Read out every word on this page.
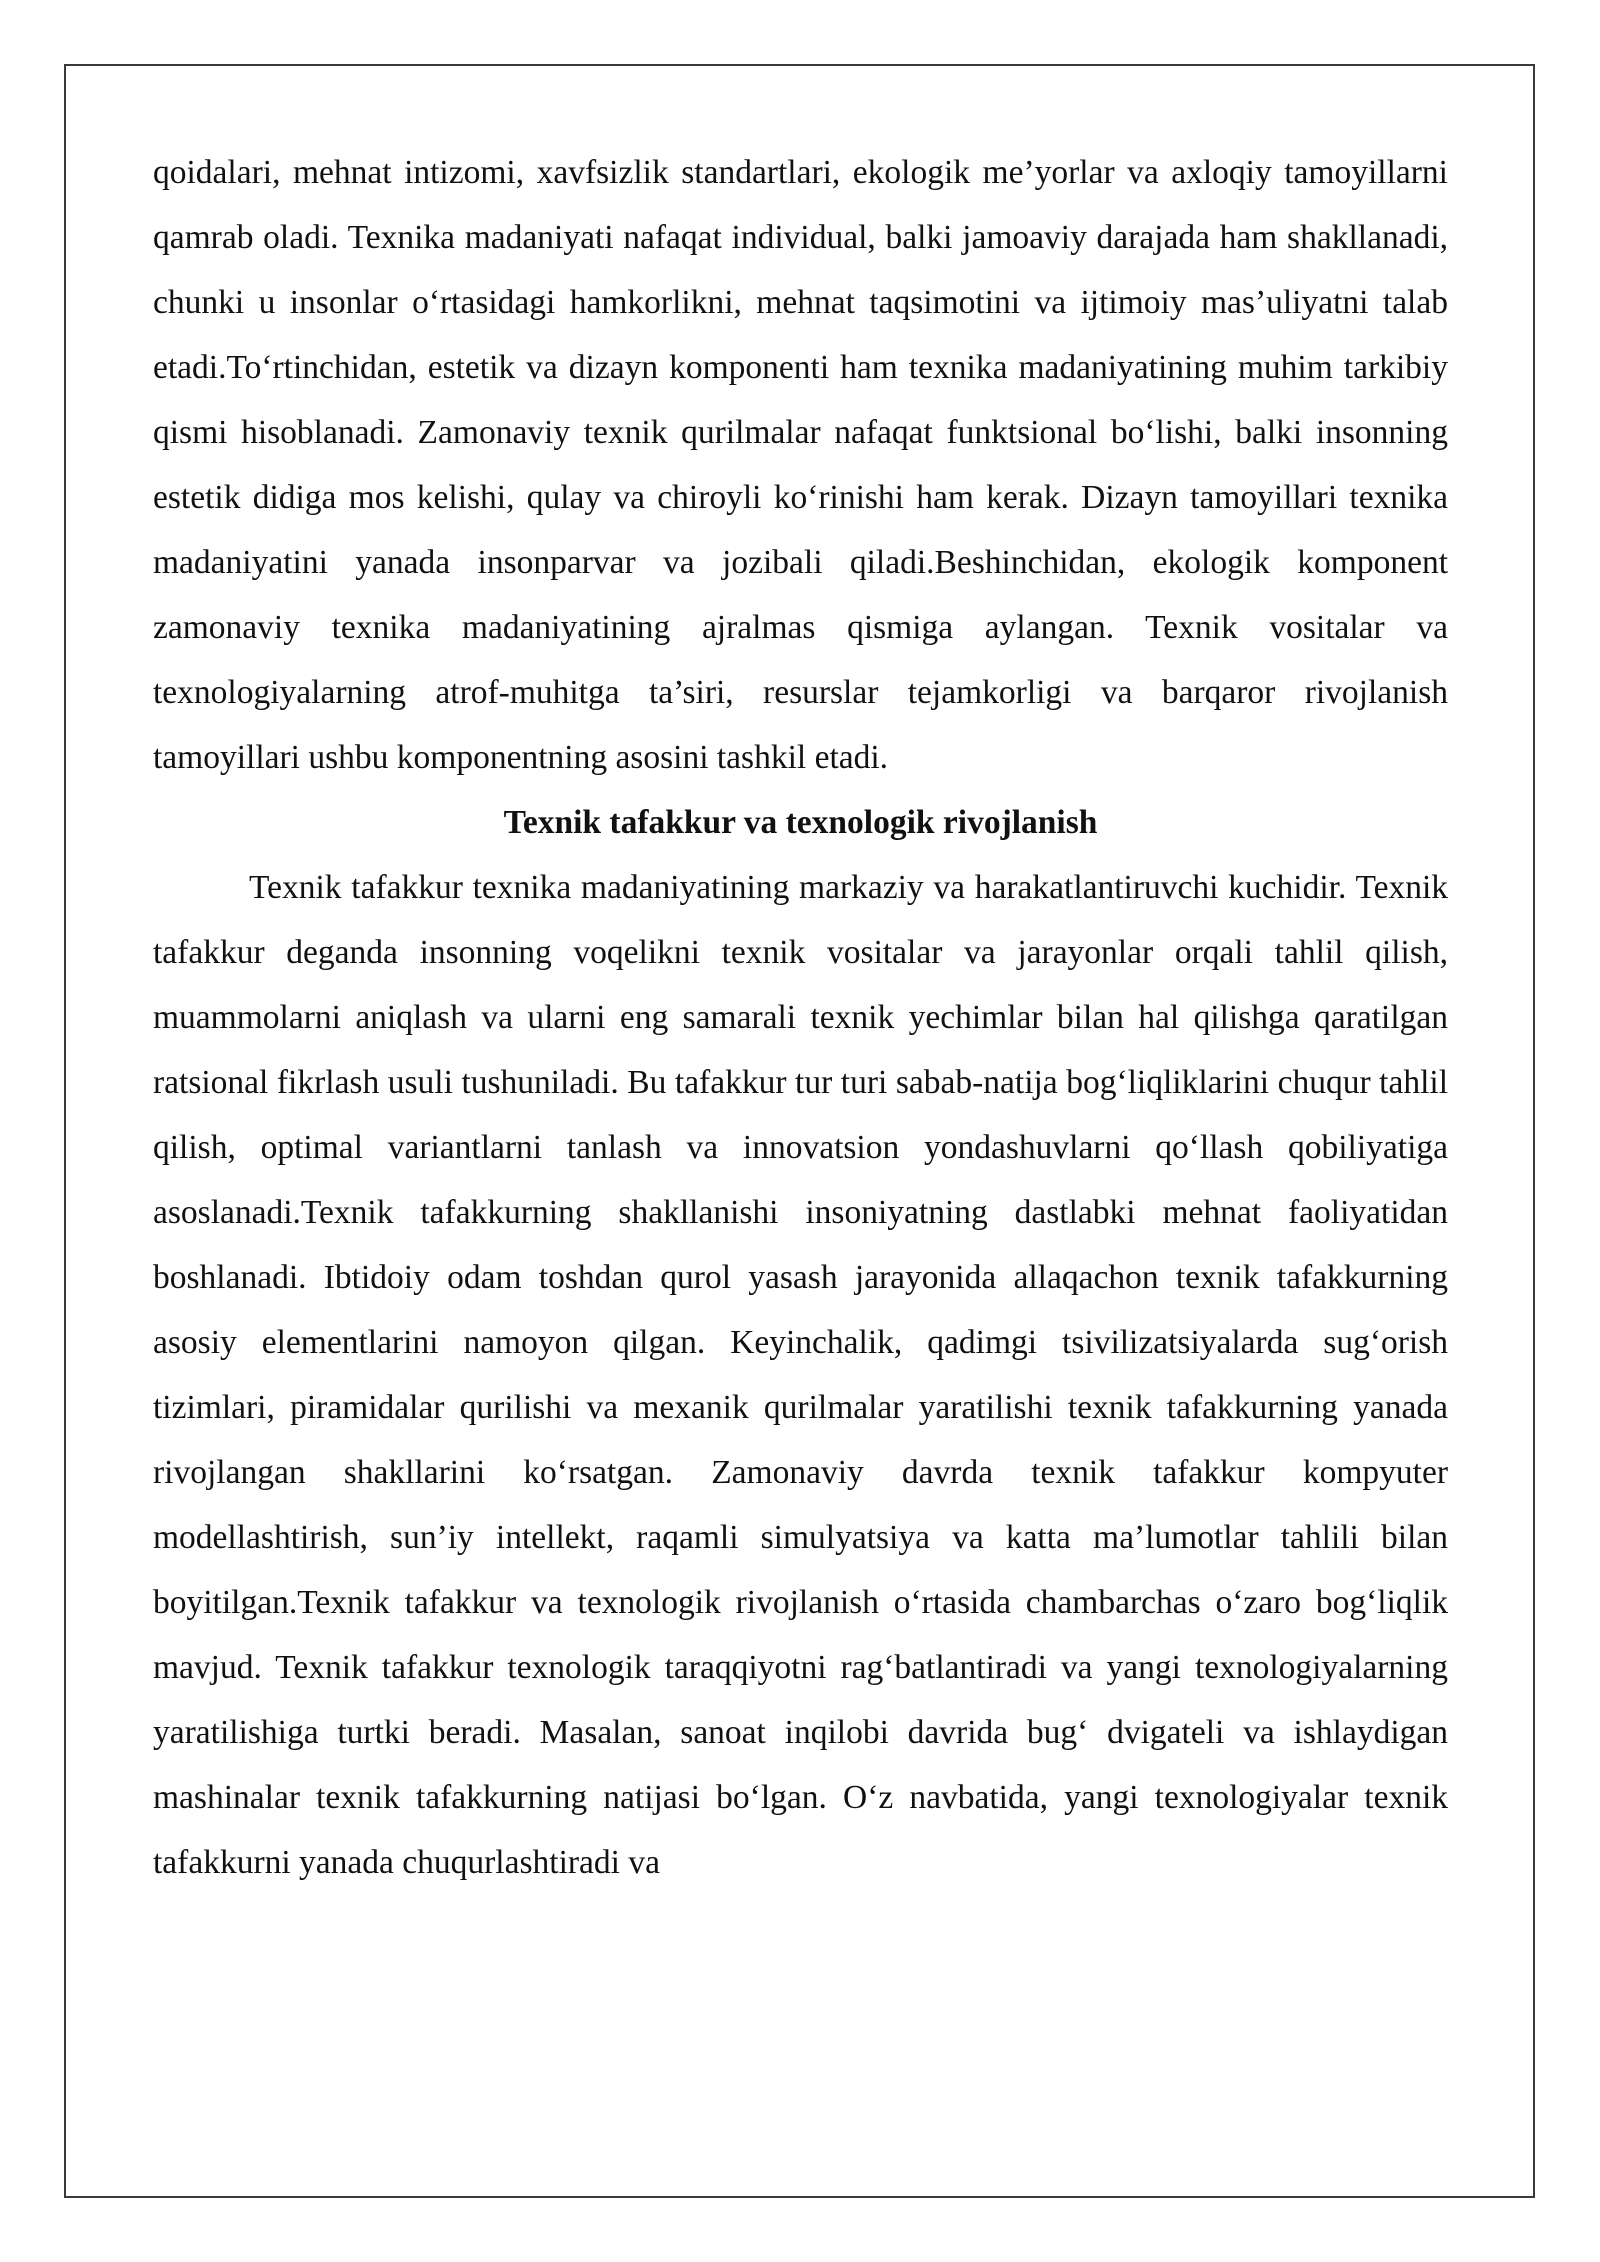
qoidalari, mehnat intizomi, xavfsizlik standartlari, ekologik me’yorlar va axloqiy tamoyillarni qamrab oladi. Texnika madaniyati nafaqat individual, balki jamoaviy darajada ham shakllanadi, chunki u insonlar o‘rtasidagi hamkorlikni, mehnat taqsimotini va ijtimoiy mas’uliyatni talab etadi.To‘rtinchidan, estetik va dizayn komponenti ham texnika madaniyatining muhim tarkibiy qismi hisoblanadi. Zamonaviy texnik qurilmalar nafaqat funktsional bo‘lishi, balki insonning estetik didiga mos kelishi, qulay va chiroyli ko‘rinishi ham kerak. Dizayn tamoyillari texnika madaniyatini yanada insonparvar va jozibali qiladi.Beshinchidan, ekologik komponent zamonaviy texnika madaniyatining ajralmas qismiga aylangan. Texnik vositalar va texnologiyalarning atrof-muhitga ta’siri, resurslar tejamkorligi va barqaror rivojlanish tamoyillari ushbu komponentning asosini tashkil etadi.

Texnik tafakkur va texnologik rivojlanish

Texnik tafakkur texnika madaniyatining markaziy va harakatlantiruvchi kuchidir. Texnik tafakkur deganda insonning voqelikni texnik vositalar va jarayonlar orqali tahlil qilish, muammolarni aniqlash va ularni eng samarali texnik yechimlar bilan hal qilishga qaratilgan ratsional fikrlash usuli tushuniladi. Bu tafakkur tur turi sabab-natija bog‘liqliklarini chuqur tahlil qilish, optimal variantlarni tanlash va innovatsion yondashuvlarni qo‘llash qobiliyatiga asoslanadi.Texnik tafakkurning shakllanishi insoniyatning dastlabki mehnat faoliyatidan boshlanadi. Ibtidoiy odam toshdan qurol yasash jarayonida allaqachon texnik tafakkurning asosiy elementlarini namoyon qilgan. Keyinchalik, qadimgi tsivilizatsiyalarda sug‘orish tizimlari, piramidalar qurilishi va mexanik qurilmalar yaratilishi texnik tafakkurning yanada rivojlangan shakllarini ko‘rsatgan. Zamonaviy davrda texnik tafakkur kompyuter modellashtirish, sun’iy intellekt, raqamli simulyatsiya va katta ma’lumotlar tahlili bilan boyitilgan.Texnik tafakkur va texnologik rivojlanish o‘rtasida chambarchas o‘zaro bog‘liqlik mavjud. Texnik tafakkur texnologik taraqqiyotni rag‘batlantiradi va yangi texnologiyalarning yaratilishiga turtki beradi. Masalan, sanoat inqilobi davrida bug‘ dvigateli va ishlaydigan mashinalar texnik tafakkurning natijasi bo‘lgan. O‘z navbatida, yangi texnologiyalar texnik tafakkurni yanada chuqurlashtiradi va
